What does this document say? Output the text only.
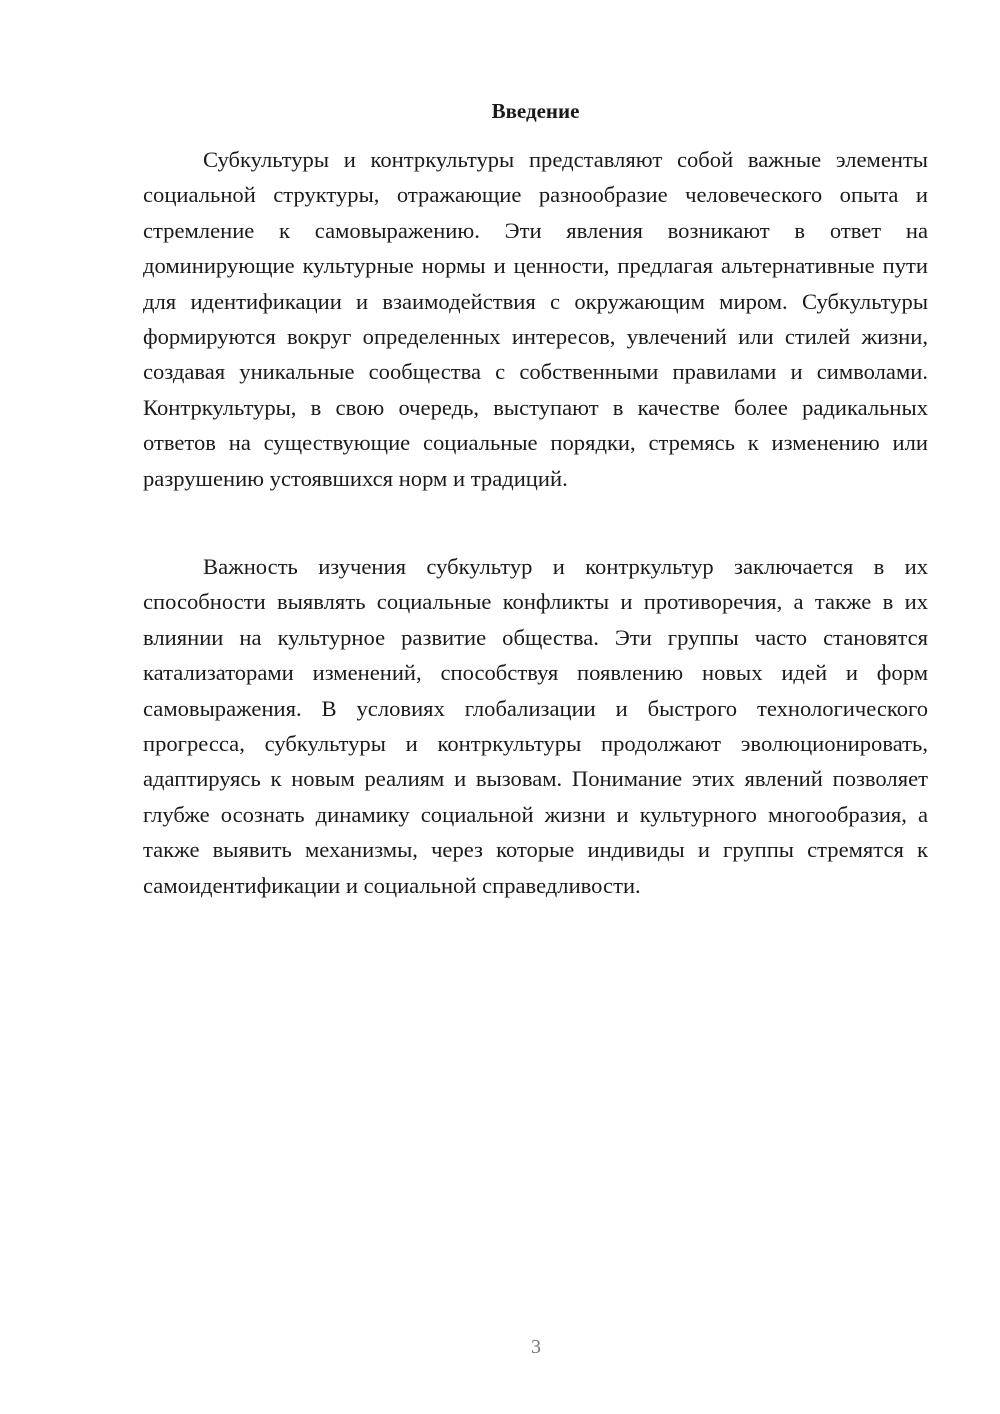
Введение

Субкультуры и контркультуры представляют собой важные элементы социальной структуры, отражающие разнообразие человеческого опыта и стремление к самовыражению. Эти явления возникают в ответ на доминирующие культурные нормы и ценности, предлагая альтернативные пути для идентификации и взаимодействия с окружающим миром. Субкультуры формируются вокруг определенных интересов, увлечений или стилей жизни, создавая уникальные сообщества с собственными правилами и символами. Контркультуры, в свою очередь, выступают в качестве более радикальных ответов на существующие социальные порядки, стремясь к изменению или разрушению устоявшихся норм и традиций.

Важность изучения субкультур и контркультур заключается в их способности выявлять социальные конфликты и противоречия, а также в их влиянии на культурное развитие общества. Эти группы часто становятся катализаторами изменений, способствуя появлению новых идей и форм самовыражения. В условиях глобализации и быстрого технологического прогресса, субкультуры и контркультуры продолжают эволюционировать, адаптируясь к новым реалиям и вызовам. Понимание этих явлений позволяет глубже осознать динамику социальной жизни и культурного многообразия, а также выявить механизмы, через которые индивиды и группы стремятся к самоидентификации и социальной справедливости.

3
